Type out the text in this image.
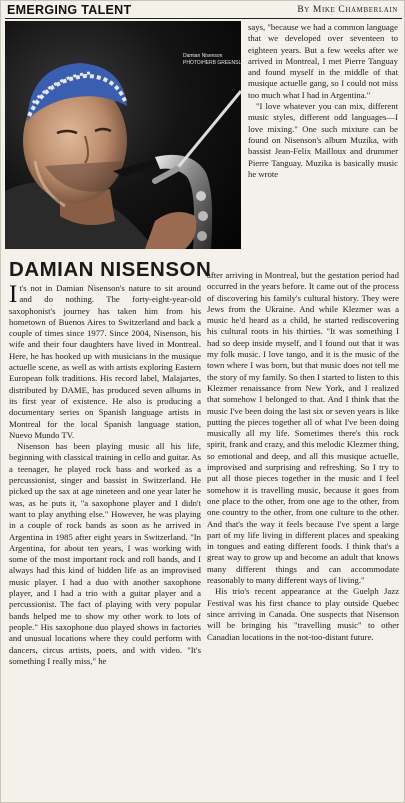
EMERGING TALENT	By Mike Chamberlain
Damian Nisenson
PHOTO/HERB GREENSLADE

says, "because we had a common language that we developed over seventeen to eighteen years. But a few weeks after we arrived in Montreal, I met Pierre Tanguay and found myself in the middle of that musique actuelle gang, so I could not miss too much what I had in Argentina."

"I love whatever you can mix, different music styles, different odd languages—I love mixing." One such mixture can be found on Nisenson's album Muzika, with bassist Jean-Felix Mailloux and drummer Pierre Tanguay. Muzika is basically music he wrote

DAMIAN NISENSON

It's not in Damian Nisenson's nature to sit around and do nothing. The forty-eight-year-old saxophonist's journey has taken him from his hometown of Buenos Aires to Switzerland and back a couple of times since 1977. Since 2004, Nisenson, his wife and their four daughters have lived in Montreal. Here, he has hooked up with musicians in the musique actuelle scene, as well as with artists exploring Eastern European folk traditions. His record label, Malajartes, distributed by DAME, has produced seven albums in its first year of existence. He also is producing a documentary series on Spanish language artists in Montreal for the local Spanish language station, Nuevo Mundo TV.

Nisenson has been playing music all his life, beginning with classical training in cello and guitar. As a teenager, he played rock bass and worked as a percussionist, singer and bassist in Switzerland. He picked up the sax at age nineteen and one year later he was, as he puts it, "a saxophone player and I didn't want to play anything else." However, he was playing in a couple of rock bands as soon as he arrived in Argentina in 1985 after eight years in Switzerland. "In Argentina, for about ten years, I was working with some of the most important rock and roll bands, and I always had this kind of hidden life as an improvised music player. I had a duo with another saxophone player, and I had a trio with a guitar player and a percussionist. The fact of playing with very popular bands helped me to show my other work to lots of people." His saxophone duo played shows in factories and unusual locations where they could perform with dancers, circus artists, poets, and with video. "It's something I really miss," he

after arriving in Montreal, but the gestation period had occurred in the years before. It came out of the process of discovering his family's cultural history. They were Jews from the Ukraine. And while Klezmer was a music he'd heard as a child, he started rediscovering his cultural roots in his thirties. "It was something I had so deep inside myself, and I found out that it was my folk music. I love tango, and it is the music of the town where I was born, but that music does not tell me the story of my family. So then I started to listen to this Klezmer renaissance from New York, and I realized that somehow I belonged to that. And I think that the music I've been doing the last six or seven years is like putting the pieces together all of what I've been doing musically all my life. Sometimes there's this rock spirit, frank and crazy, and this melodic Klezmer thing, so emotional and deep, and all this musique actuelle, improvised and surprising and refreshing. So I try to put all those pieces together in the music and I feel somehow it is travelling music, because it goes from one place to the other, from one age to the other, from one country to the other, from one culture to the other. And that's the way it feels because I've spent a large part of my life living in different places and speaking in tongues and eating different foods. I think that's a great way to grow up and become an adult that knows many different things and can accommodate reasonably to many different ways of living."

His trio's recent appearance at the Guelph Jazz Festival was his first chance to play outside Quebec since arriving in Canada. One suspects that Nisenson will be bringing his "travelling music" to other Canadian locations in the not-too-distant future.
